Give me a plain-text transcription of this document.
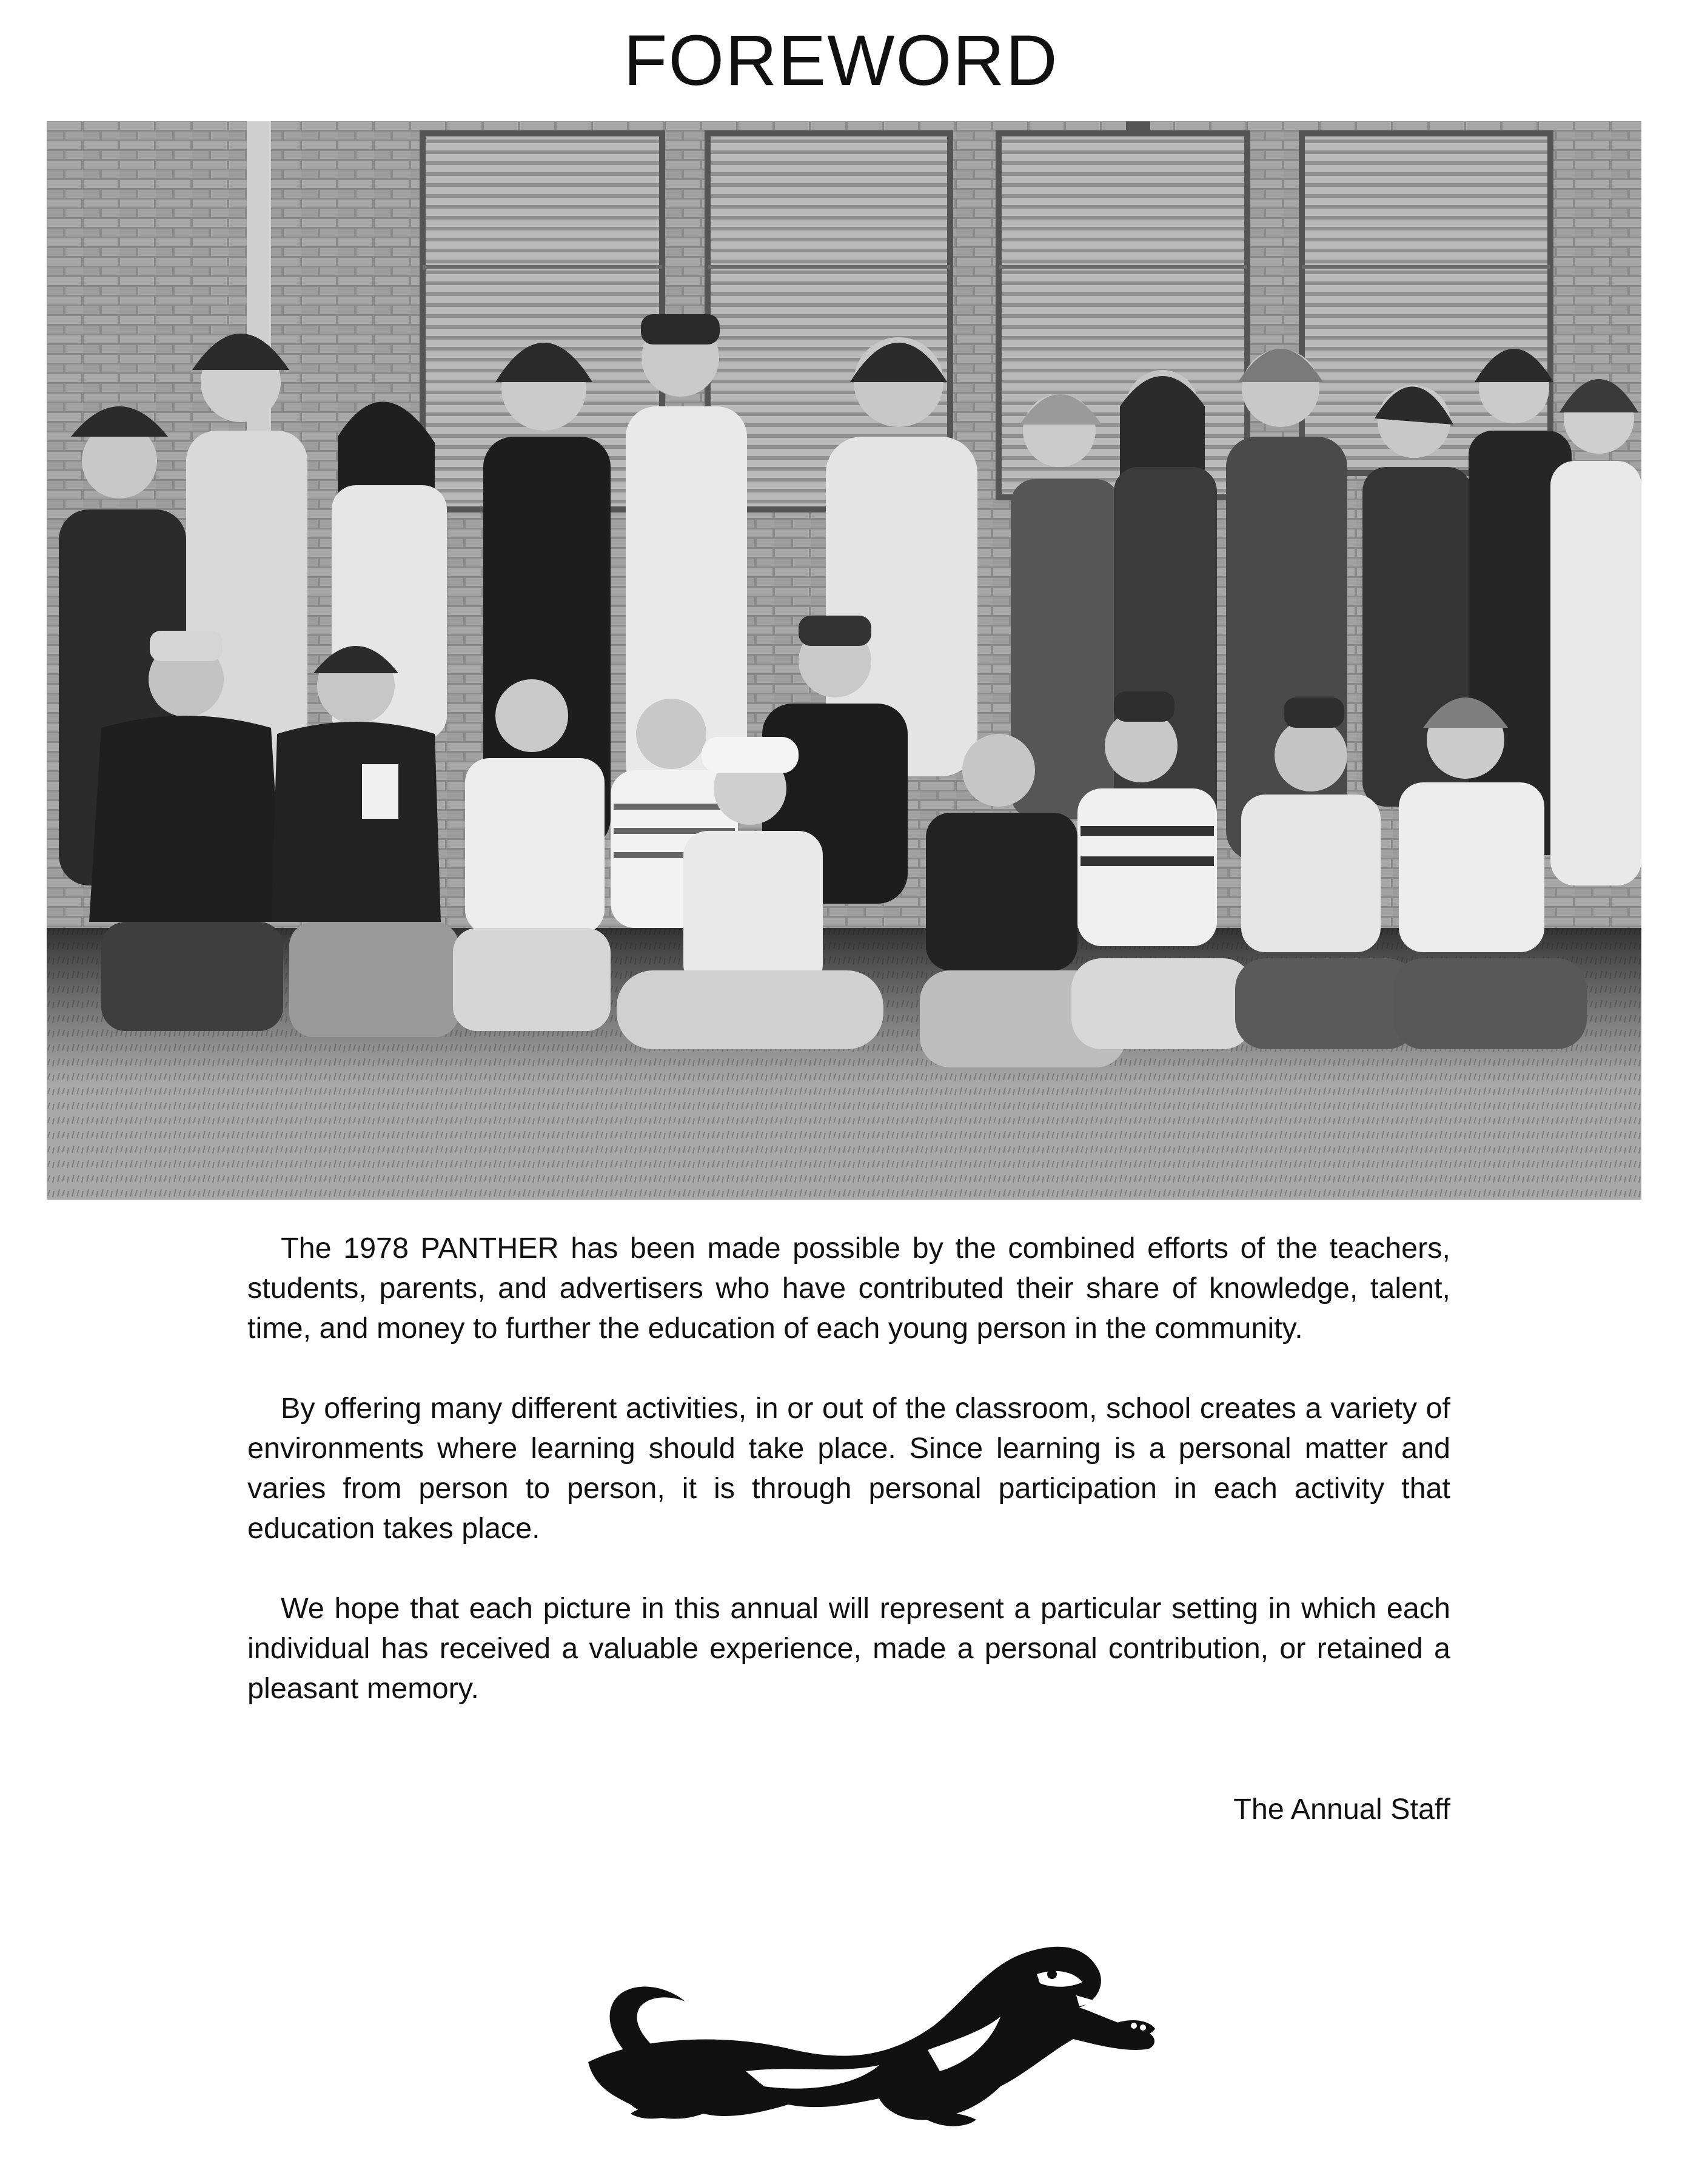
FOREWORD

The 1978 PANTHER has been made possible by the combined efforts of the teachers, students, parents, and advertisers who have contributed their share of knowledge, talent, time, and money to further the education of each young person in the community.

By offering many different activities, in or out of the classroom, school creates a variety of environments where learning should take place. Since learning is a personal matter and varies from person to person, it is through personal participation in each activity that education takes place.

We hope that each picture in this annual will represent a particular setting in which each individual has received a valuable experience, made a personal contribution, or retained a pleasant memory.

The Annual Staff
